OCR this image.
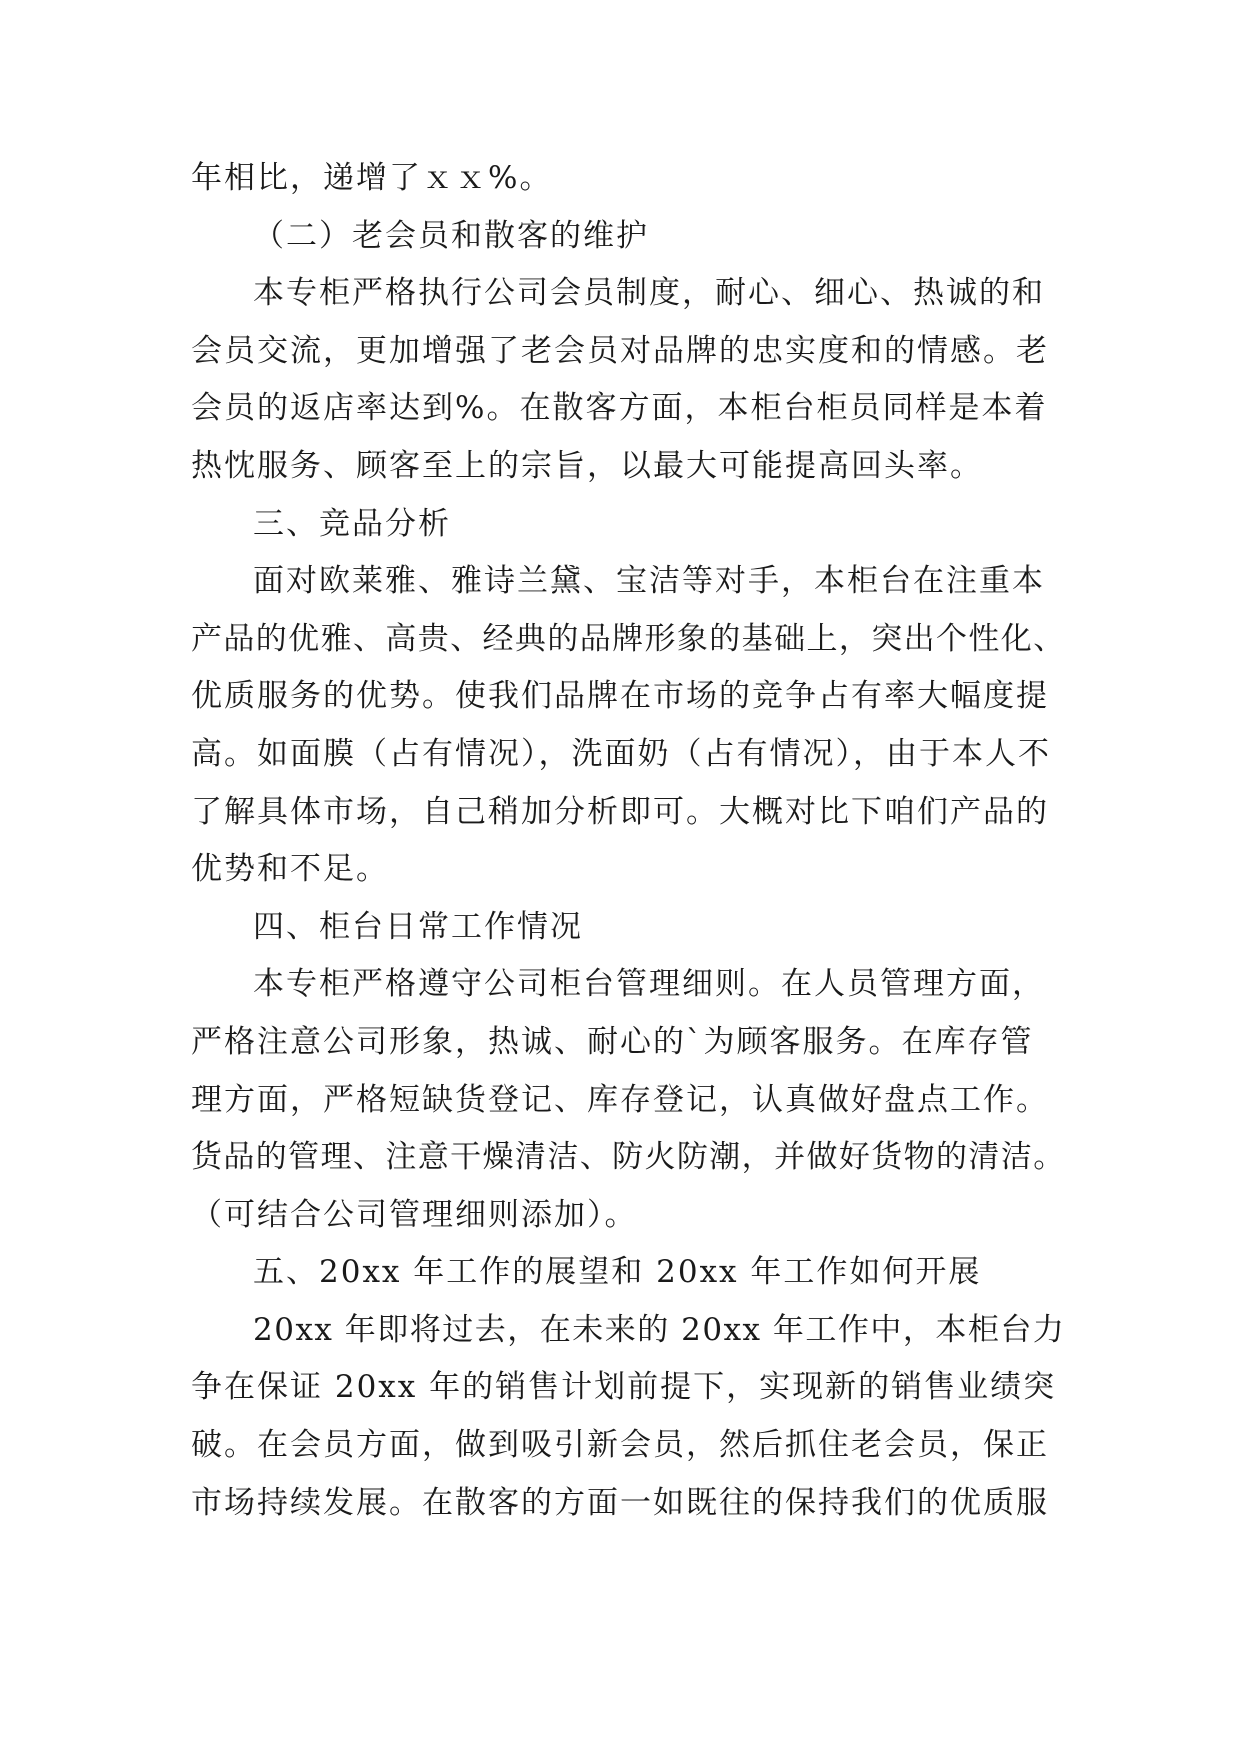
年相比，递增了ｘｘ%。
（二）老会员和散客的维护
本专柜严格执行公司会员制度，耐心、细心、热诚的和
会员交流，更加增强了老会员对品牌的忠实度和的情感。老
会员的返店率达到%。在散客方面，本柜台柜员同样是本着
热忱服务、顾客至上的宗旨，以最大可能提高回头率。
三、竞品分析
面对欧莱雅、雅诗兰黛、宝洁等对手，本柜台在注重本
产品的优雅、高贵、经典的品牌形象的基础上，突出个性化、
优质服务的优势。使我们品牌在市场的竞争占有率大幅度提
高。如面膜（占有情况），洗面奶（占有情况），由于本人不
了解具体市场，自己稍加分析即可。大概对比下咱们产品的
优势和不足。
四、柜台日常工作情况
本专柜严格遵守公司柜台管理细则。在人员管理方面，
严格注意公司形象，热诚、耐心的`为顾客服务。在库存管
理方面，严格短缺货登记、库存登记，认真做好盘点工作。
货品的管理、注意干燥清洁、防火防潮，并做好货物的清洁。
（可结合公司管理细则添加）。
五、20xx 年工作的展望和 20xx 年工作如何开展
20xx 年即将过去，在未来的 20xx 年工作中，本柜台力
争在保证 20xx 年的销售计划前提下，实现新的销售业绩突
破。在会员方面，做到吸引新会员，然后抓住老会员，保正
市场持续发展。在散客的方面一如既往的保持我们的优质服
